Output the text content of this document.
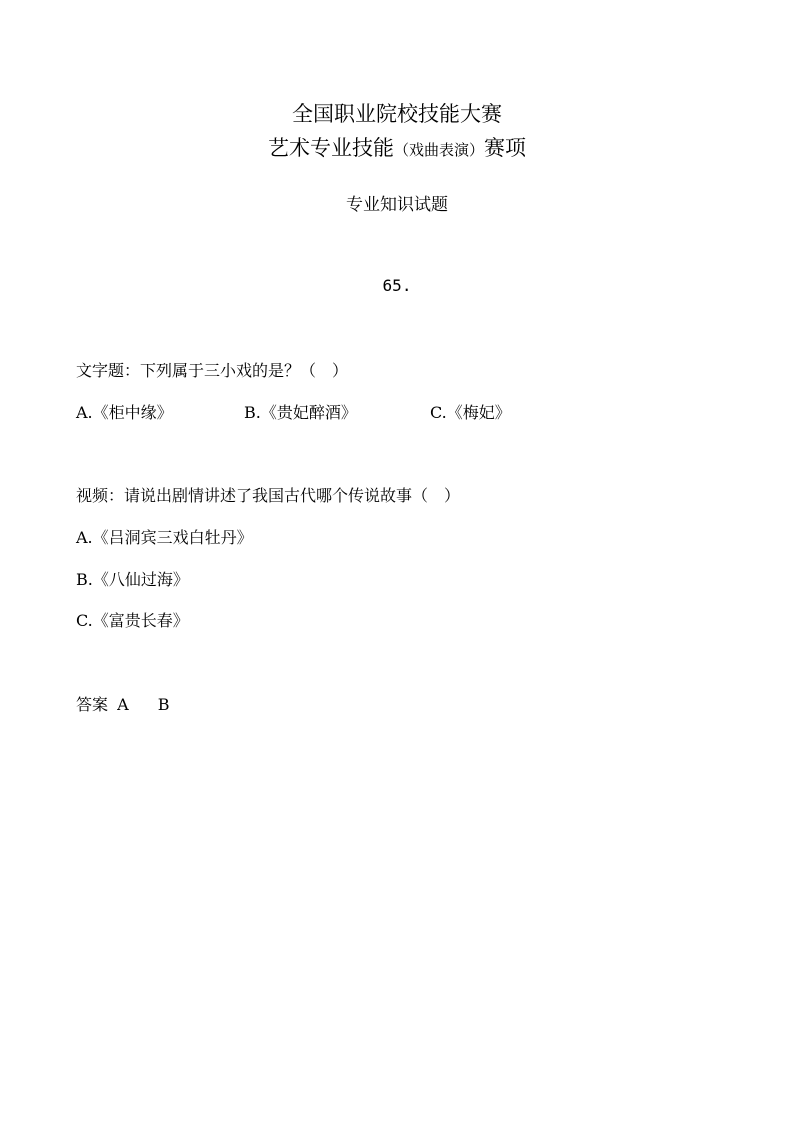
全国职业院校技能大赛
艺术专业技能（戏曲表演）赛项
专业知识试题
65.
文字题：下列属于三小戏的是？（　）
A.《柜中缘》	B.《贵妃醉酒》	C.《梅妃》
视频：请说出剧情讲述了我国古代哪个传说故事（　）
A.《吕洞宾三戏白牡丹》
B.《八仙过海》
C.《富贵长春》
答案 A B
